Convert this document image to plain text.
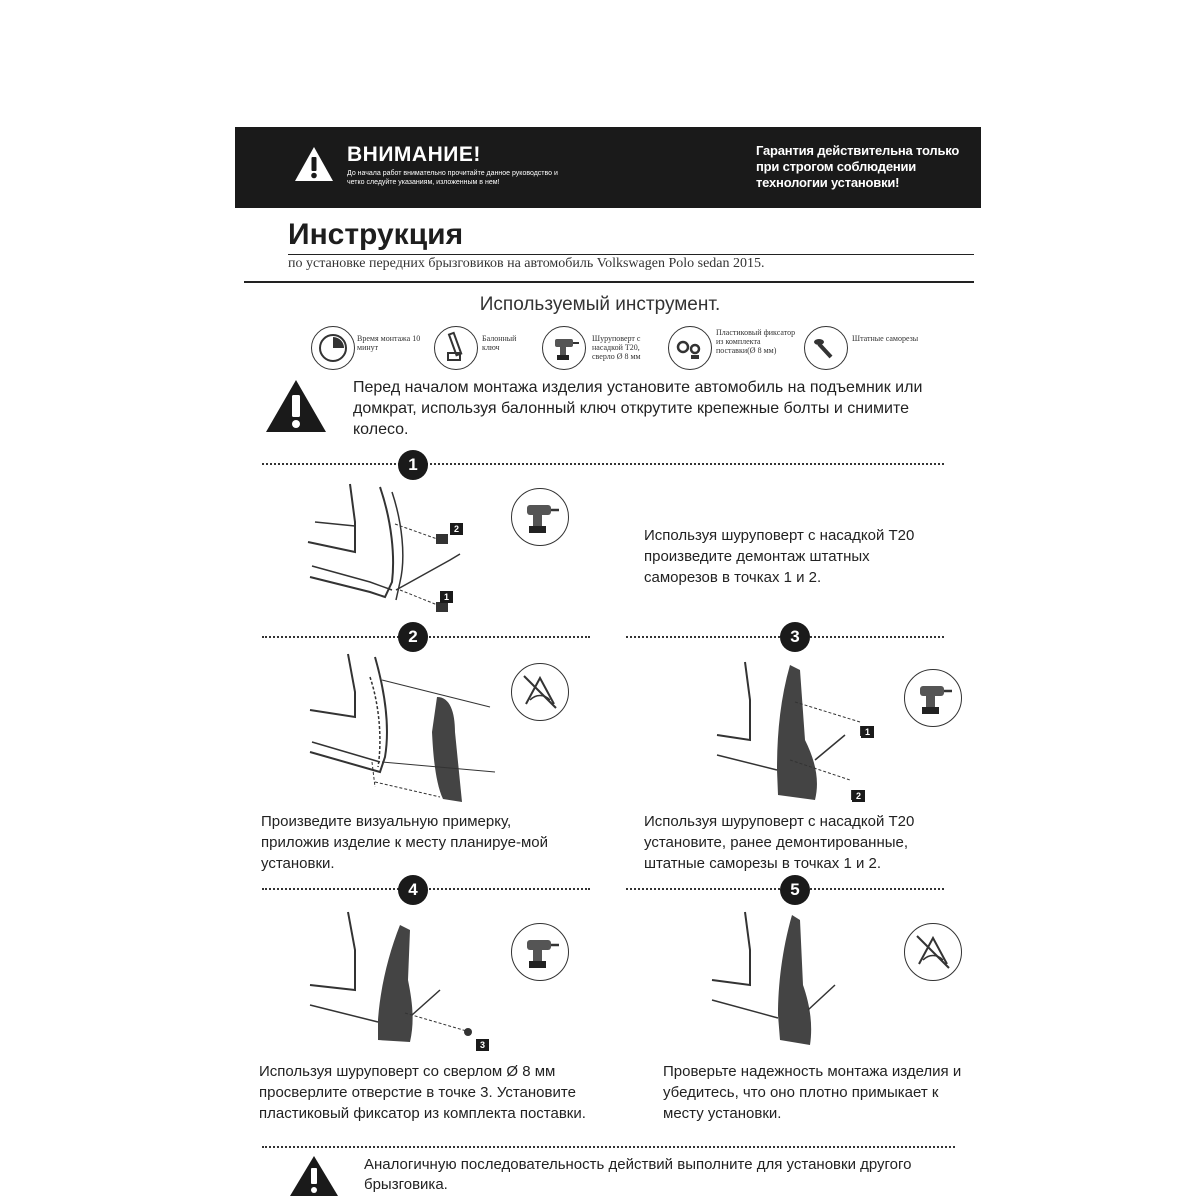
ВНИМАНИЕ!
До начала работ внимательно прочитайте данное руководство и четко следуйте указаниям, изложенным в нем!
Гарантия действительна только при строгом соблюдении технологии установки!
Инструкция
по установке передних брызговиков на автомобиль Volkswagen Polo sedan 2015.
Используемый инструмент.
Время монтажа 10 минут
Балонный ключ
Шуруповерт с насадкой T20, сверло Ø 8 мм
Пластиковый фиксатор из комплекта поставки(Ø 8 мм)
Штатные саморезы
Перед началом монтажа изделия установите автомобиль на подъемник или домкрат, используя балонный ключ открутите крепежные болты и снимите колесо.
1
2
1
Используя шуруповерт с насадкой T20 произведите демонтаж штатных саморезов в точках 1 и 2.
2	3
Произведите визуальную примерку, приложив изделие к месту планируе-мой установки.
1
2
Используя шуруповерт с насадкой T20 установите, ранее демонтированные, штатные саморезы в точках 1 и 2.
4	5
3
Используя шуруповерт со сверлом Ø 8 мм просверлите отверстие в точке 3. Установите пластиковый фиксатор из комплекта поставки.
Проверьте надежность монтажа изделия и убедитесь, что оно плотно примыкает к месту установки.
Аналогичную последовательность действий выполните для установки другого брызговика.
